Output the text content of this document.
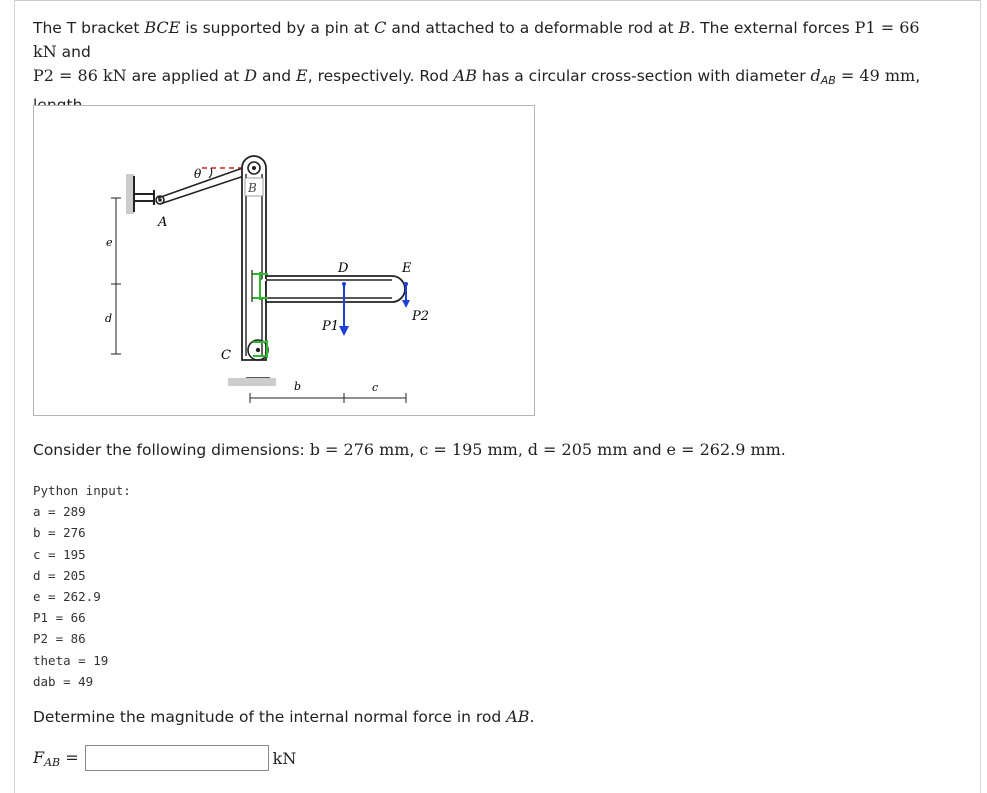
The T bracket BCE is supported by a pin at C and attached to a deformable rod at B. The external forces P1 = 66 kN and
P2 = 86 kN are applied at D and E, respectively. Rod AB has a circular cross-section with diameter $d_{AB} = 49$ mm,

θ
B
C
A
D
P1
E
P2
e
d
b	c
Consider the following dimensions: b = 276 mm, c = 195 mm, d = 205 mm and e = 262.9 mm.
Python input:
a = 289
b = 276
c = 195
d = 205
e = 262.9
P1 = 66
P2 = 86
theta = 19
dab = 49
Determine the magnitude of the internal normal force in rod AB.
$F_{AB}$ =	kN
